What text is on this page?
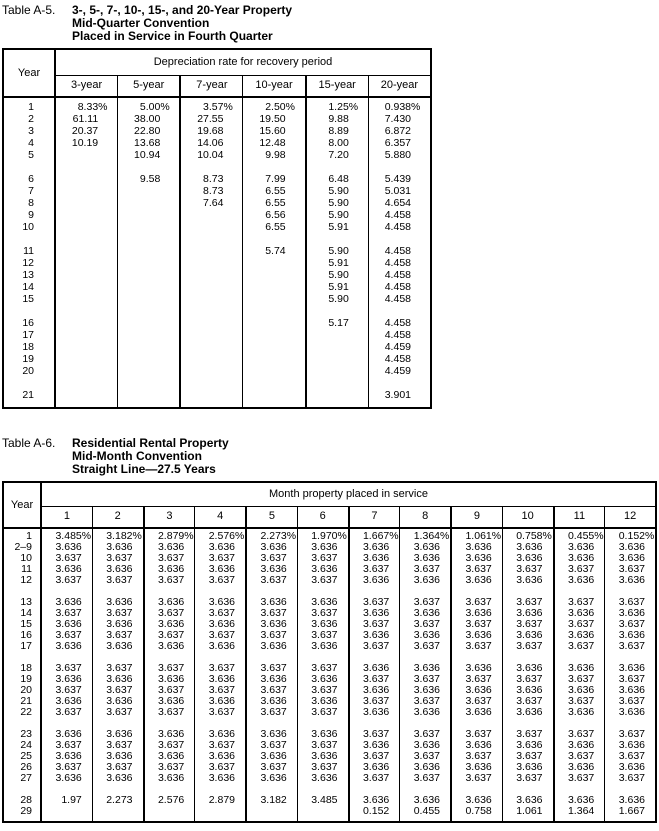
Table A-5.	3-, 5-, 7-, 10-, 15-, and 20-Year Property
Mid-Quarter Convention
Placed in Service in Fourth Quarter
Year	Depreciation rate for recovery period					
	3-year	5-year	7-year	10-year	15-year	20-year

1	8.33%	5.00%	3.57%	2.50%	1.25%	0.938%
2	61.11	38.00	27.55	19.50	9.88	7.430
3	20.37	22.80	19.68	15.60	8.89	6.872
4	10.19	13.68	14.06	12.48	8.00	6.357
5		10.94	10.04	9.98	7.20	5.880

6		9.58	8.73	7.99	6.48	5.439
7			8.73	6.55	5.90	5.031
8			7.64	6.55	5.90	4.654
9				6.56	5.90	4.458
10				6.55	5.91	4.458

11				5.74	5.90	4.458
12					5.91	4.458
13					5.90	4.458
14					5.91	4.458
15					5.90	4.458

16					5.17	4.458
17						4.458
18						4.459
19						4.458
20						4.459

21						3.901

Table A-6.	Residential Rental Property
Mid-Month Convention
Straight Line—27.5 Years
Year	Month property placed in service											
	1	2	3	4	5	6	7	8	9	10	11	12

1	3.485%	3.182%	2.879%	2.576%	2.273%	1.970%	1.667%	1.364%	1.061%	0.758%	0.455%	0.152%
2–9	3.636	3.636	3.636	3.636	3.636	3.636	3.636	3.636	3.636	3.636	3.636	3.636
10	3.637	3.637	3.637	3.637	3.637	3.637	3.636	3.636	3.636	3.636	3.636	3.636
11	3.636	3.636	3.636	3.636	3.636	3.636	3.637	3.637	3.637	3.637	3.637	3.637
12	3.637	3.637	3.637	3.637	3.637	3.637	3.636	3.636	3.636	3.636	3.636	3.636

13	3.636	3.636	3.636	3.636	3.636	3.636	3.637	3.637	3.637	3.637	3.637	3.637
14	3.637	3.637	3.637	3.637	3.637	3.637	3.636	3.636	3.636	3.636	3.636	3.636
15	3.636	3.636	3.636	3.636	3.636	3.636	3.637	3.637	3.637	3.637	3.637	3.637
16	3.637	3.637	3.637	3.637	3.637	3.637	3.636	3.636	3.636	3.636	3.636	3.636
17	3.636	3.636	3.636	3.636	3.636	3.636	3.637	3.637	3.637	3.637	3.637	3.637

18	3.637	3.637	3.637	3.637	3.637	3.637	3.636	3.636	3.636	3.636	3.636	3.636
19	3.636	3.636	3.636	3.636	3.636	3.636	3.637	3.637	3.637	3.637	3.637	3.637
20	3.637	3.637	3.637	3.637	3.637	3.637	3.636	3.636	3.636	3.636	3.636	3.636
21	3.636	3.636	3.636	3.636	3.636	3.636	3.637	3.637	3.637	3.637	3.637	3.637
22	3.637	3.637	3.637	3.637	3.637	3.637	3.636	3.636	3.636	3.636	3.636	3.636

23	3.636	3.636	3.636	3.636	3.636	3.636	3.637	3.637	3.637	3.637	3.637	3.637
24	3.637	3.637	3.637	3.637	3.637	3.637	3.636	3.636	3.636	3.636	3.636	3.636
25	3.636	3.636	3.636	3.636	3.636	3.636	3.637	3.637	3.637	3.637	3.637	3.637
26	3.637	3.637	3.637	3.637	3.637	3.637	3.636	3.636	3.636	3.636	3.636	3.636
27	3.636	3.636	3.636	3.636	3.636	3.636	3.637	3.637	3.637	3.637	3.637	3.637

28	1.97	2.273	2.576	2.879	3.182	3.485	3.636	3.636	3.636	3.636	3.636	3.636
29							0.152	0.455	0.758	1.061	1.364	1.667
